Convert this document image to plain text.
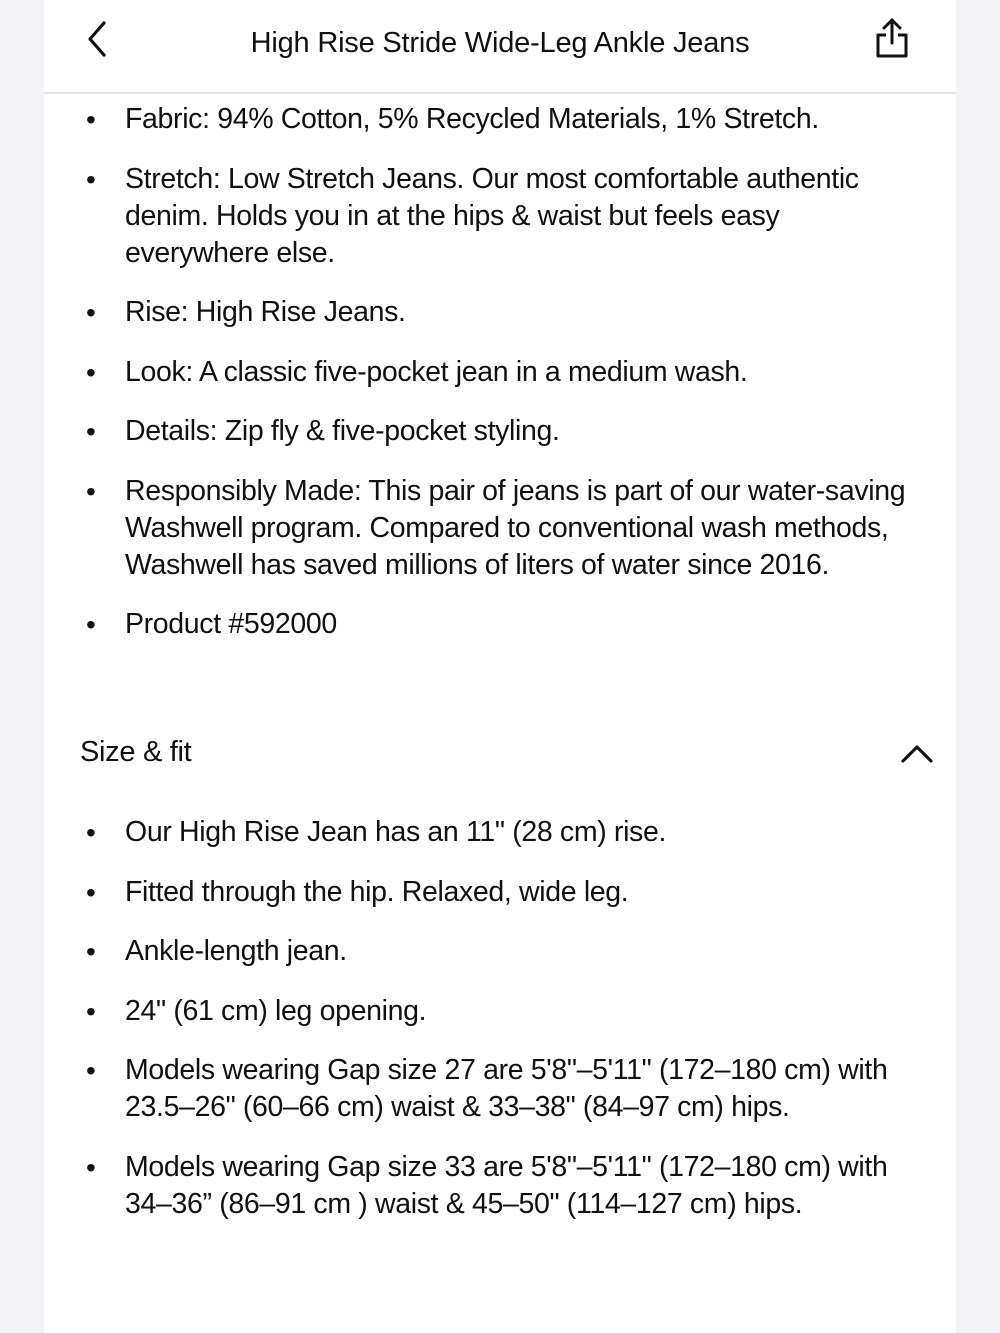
High Rise Stride Wide-Leg Ankle Jeans
• Fabric: 94% Cotton, 5% Recycled Materials, 1% Stretch.
• Stretch: Low Stretch Jeans. Our most comfortable authentic denim. Holds you in at the hips & waist but feels easy everywhere else.
• Rise: High Rise Jeans.
• Look: A classic five-pocket jean in a medium wash.
• Details: Zip fly & five-pocket styling.
• Responsibly Made: This pair of jeans is part of our water-saving Washwell program. Compared to conventional wash methods, Washwell has saved millions of liters of water since 2016.
• Product #592000
Size & fit
• Our High Rise Jean has an 11" (28 cm) rise.
• Fitted through the hip. Relaxed, wide leg.
• Ankle-length jean.
• 24" (61 cm) leg opening.
• Models wearing Gap size 27 are 5'8"–5'11" (172–180 cm) with 23.5–26" (60–66 cm) waist & 33–38" (84–97 cm) hips.
• Models wearing Gap size 33 are 5'8"–5'11" (172–180 cm) with 34–36” (86–91 cm ) waist & 45–50" (114–127 cm) hips.
